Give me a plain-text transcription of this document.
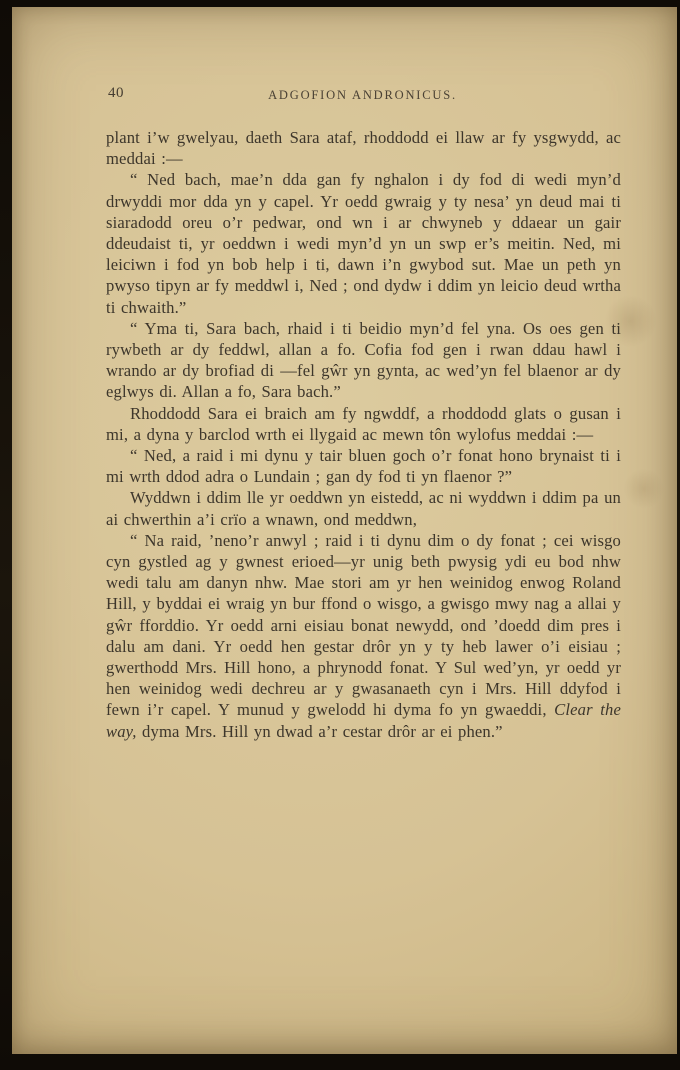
40	ADGOFION ANDRONICUS.

plant i’w gwelyau, daeth Sara ataf, rhoddodd ei llaw ar fy ysgwydd, ac meddai :—

“ Ned bach, mae’n dda gan fy nghalon i dy fod di wedi myn’d drwyddi mor dda yn y capel. Yr oedd gwraig y ty nesa’ yn deud mai ti siaradodd oreu o’r pedwar, ond wn i ar chwyneb y ddaear un gair ddeudaist ti, yr oeddwn i wedi myn’d yn un swp er’s meitin. Ned, mi leiciwn i fod yn bob help i ti, dawn i’n gwybod sut. Mae un peth yn pwyso tipyn ar fy meddwl i, Ned ; ond dydw i ddim yn leicio deud wrtha ti chwaith.”

“ Yma ti, Sara bach, rhaid i ti beidio myn’d fel yna. Os oes gen ti rywbeth ar dy feddwl, allan a fo. Cofia fod gen i rwan ddau hawl i wrando ar dy brofiad di —fel gŵr yn gynta, ac wed’yn fel blaenor ar dy eglwys di. Allan a fo, Sara bach.”

Rhoddodd Sara ei braich am fy ngwddf, a rhoddodd glats o gusan i mi, a dyna y barclod wrth ei llygaid ac mewn tôn wylofus meddai :—

“ Ned, a raid i mi dynu y tair bluen goch o’r fonat hono brynaist ti i mi wrth ddod adra o Lundain ; gan dy fod ti yn flaenor ?”

Wyddwn i ddim lle yr oeddwn yn eistedd, ac ni wyddwn i ddim pa un ai chwerthin a’i crïo a wnawn, ond meddwn,

“ Na raid, ’neno’r anwyl ; raid i ti dynu dim o dy fonat ; cei wisgo cyn gystled ag y gwnest erioed—yr unig beth pwysig ydi eu bod nhw wedi talu am danyn nhw. Mae stori am yr hen weinidog enwog Roland Hill, y byddai ei wraig yn bur ffond o wisgo, a gwisgo mwy nag a allai y gŵr fforddio. Yr oedd arni eisiau bonat newydd, ond ’doedd dim pres i dalu am dani. Yr oedd hen gestar drôr yn y ty heb lawer o’i eisiau ; gwerthodd Mrs. Hill hono, a phrynodd fonat. Y Sul wed’yn, yr oedd yr hen weinidog wedi dechreu ar y gwasanaeth cyn i Mrs. Hill ddyfod i fewn i’r capel. Y munud y gwelodd hi dyma fo yn gwaeddi, Clear the way, dyma Mrs. Hill yn dwad a’r cestar drôr ar ei phen.”
